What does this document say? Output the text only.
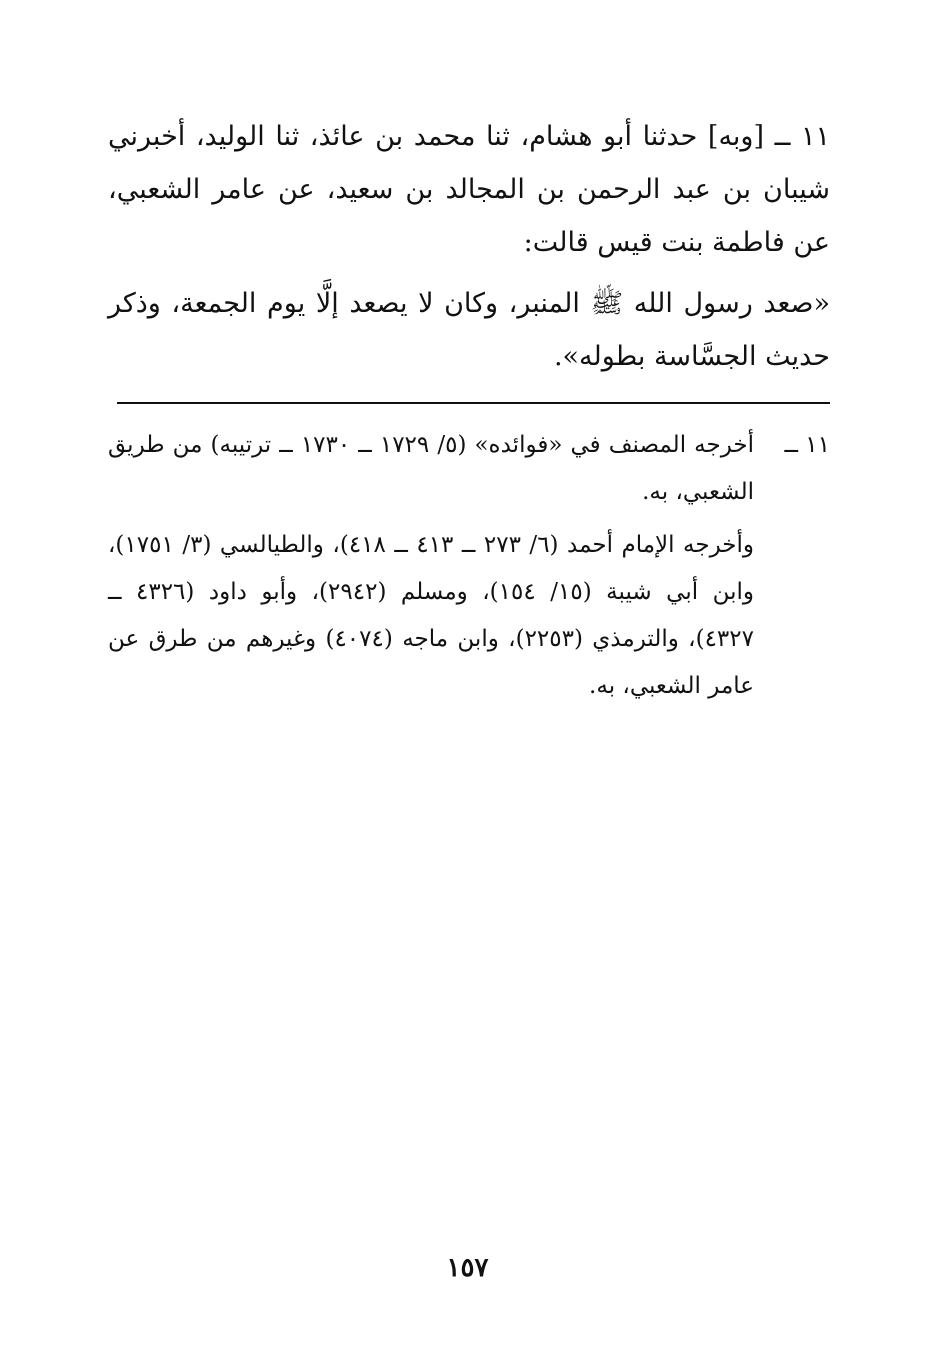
١١ ــ [وبه] حدثنا أبو هشام، ثنا محمد بن عائذ، ثنا الوليد، أخبرني شيبان بن عبد الرحمن بن المجالد بن سعيد، عن عامر الشعبي، عن فاطمة بنت قيس قالت:

«صعد رسول الله ﷺ المنبر، وكان لا يصعد إلَّا يوم الجمعة، وذكر حديث الجسَّاسة بطوله».

١١ ــ

أخرجه المصنف في «فوائده» (٥/ ١٧٢٩ ــ ١٧٣٠ ــ ترتيبه) من طريق الشعبي، به.

وأخرجه الإمام أحمد (٦/ ٢٧٣ ــ ٤١٣ ــ ٤١٨)، والطيالسي (٣/ ١٧٥١)، وابن أبي شيبة (١٥/ ١٥٤)، ومسلم (٢٩٤٢)، وأبو داود (٤٣٢٦ ــ ٤٣٢٧)، والترمذي (٢٢٥٣)، وابن ماجه (٤٠٧٤) وغيرهم من طرق عن عامر الشعبي، به.

١٥٧
